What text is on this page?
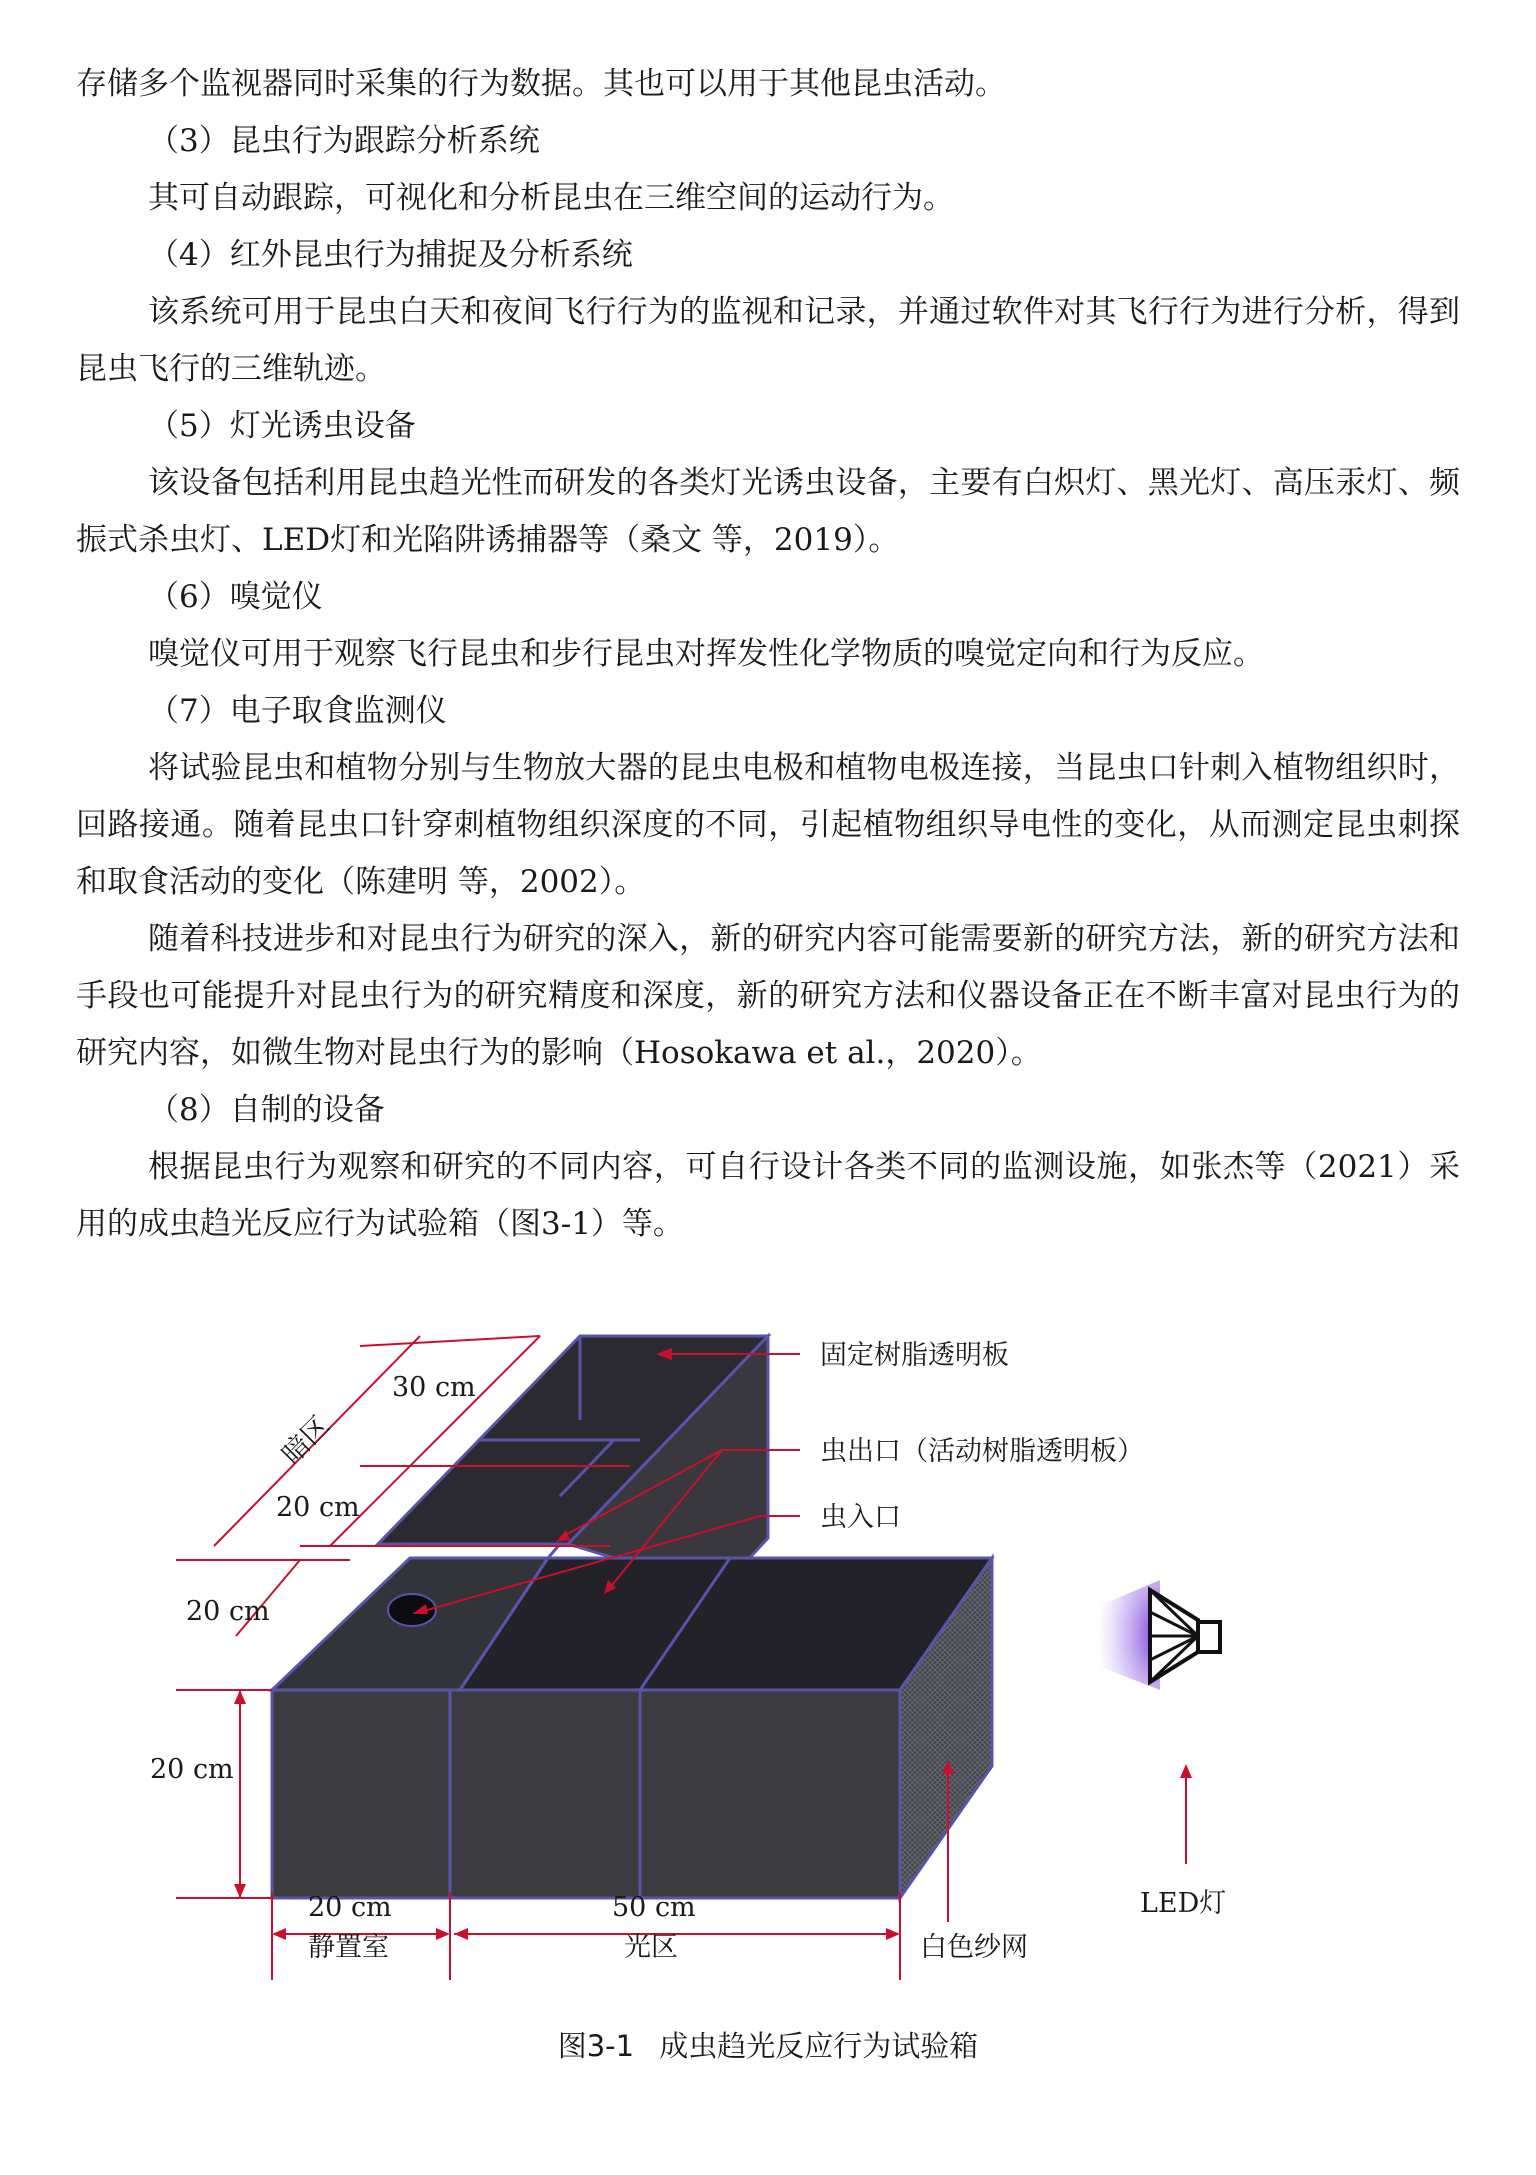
存储多个监视器同时采集的行为数据。其也可以用于其他昆虫活动。

（3）昆虫行为跟踪分析系统

其可自动跟踪，可视化和分析昆虫在三维空间的运动行为。

（4）红外昆虫行为捕捉及分析系统

该系统可用于昆虫白天和夜间飞行行为的监视和记录，并通过软件对其飞行行为进行分析，得到昆虫飞行的三维轨迹。

（5）灯光诱虫设备

该设备包括利用昆虫趋光性而研发的各类灯光诱虫设备，主要有白炽灯、黑光灯、高压汞灯、频振式杀虫灯、LED灯和光陷阱诱捕器等（桑文 等，2019）。

（6）嗅觉仪

嗅觉仪可用于观察飞行昆虫和步行昆虫对挥发性化学物质的嗅觉定向和行为反应。

（7）电子取食监测仪

将试验昆虫和植物分别与生物放大器的昆虫电极和植物电极连接，当昆虫口针刺入植物组织时，回路接通。随着昆虫口针穿刺植物组织深度的不同，引起植物组织导电性的变化，从而测定昆虫刺探和取食活动的变化（陈建明 等，2002）。

随着科技进步和对昆虫行为研究的深入，新的研究内容可能需要新的研究方法，新的研究方法和手段也可能提升对昆虫行为的研究精度和深度，新的研究方法和仪器设备正在不断丰富对昆虫行为的研究内容，如微生物对昆虫行为的影响（Hosokawa et al.，2020）。

（8）自制的设备

根据昆虫行为观察和研究的不同内容，可自行设计各类不同的监测设施，如张杰等（2021）采用的成虫趋光反应行为试验箱（图3-1）等。

固定树脂透明板
虫出口（活动树脂透明板）
虫入口
暗区
30 cm
20 cm
20 cm
20 cm
20 cm
静置室
50 cm
光区	白色纱网
LED灯
图3-1 成虫趋光反应行为试验箱
